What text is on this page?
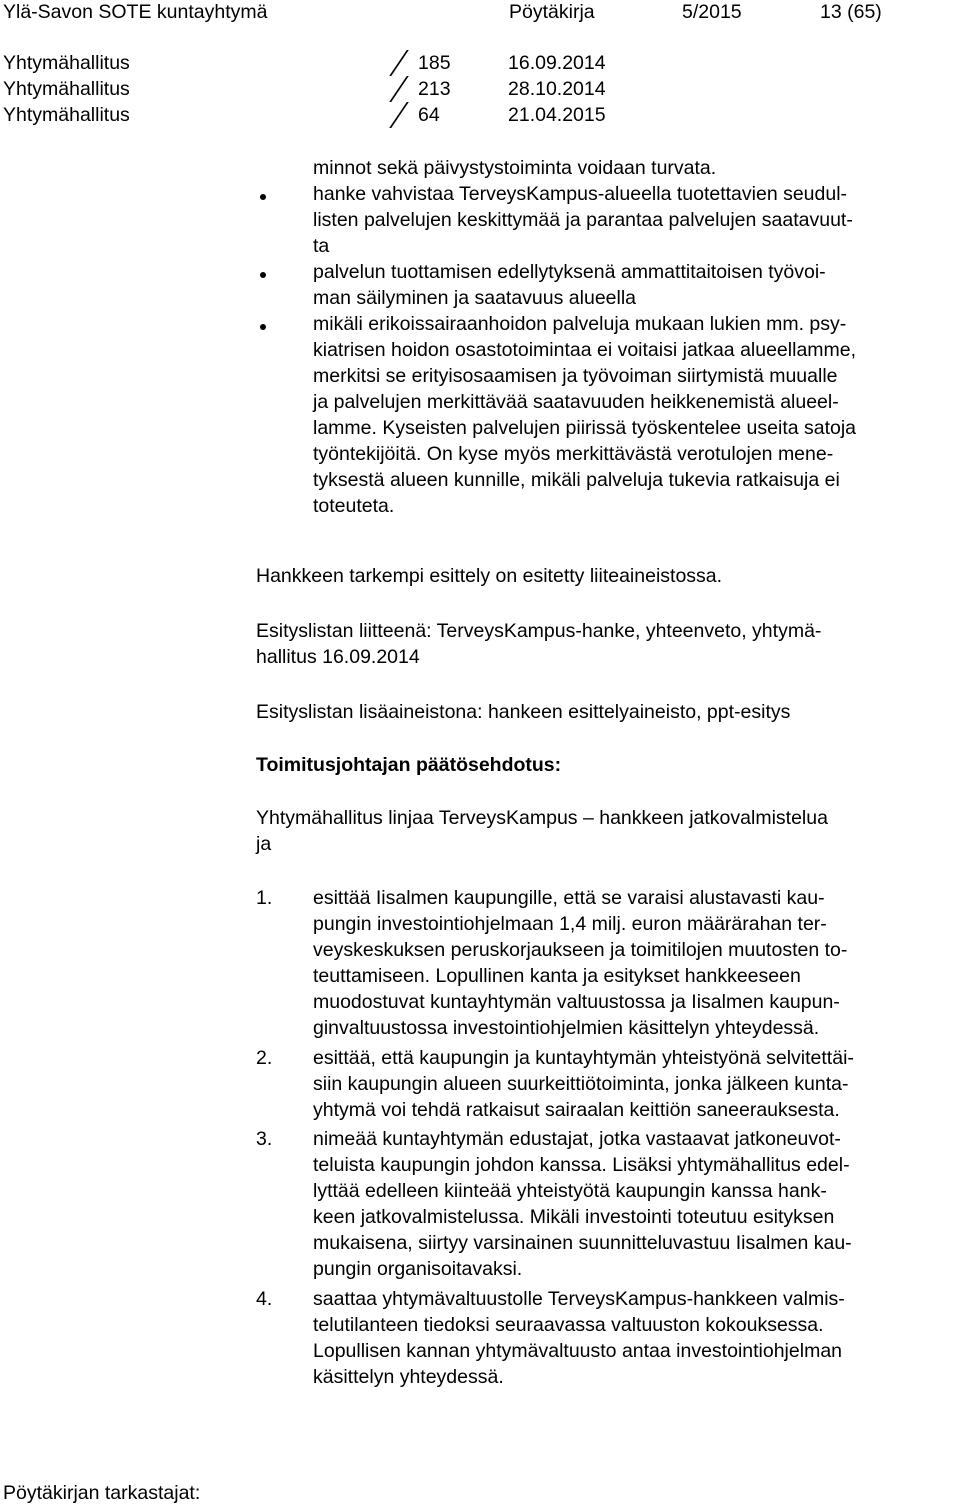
Ylä-Savon SOTE kuntayhtymä	Pöytäkirja	5/2015	13 (65)
Yhtymähallitus	185	16.09.2014
Yhtymähallitus	213	28.10.2014
Yhtymähallitus	64	21.04.2015
minnot sekä päivystystoiminta voidaan turvata.
hanke vahvistaa TerveysKampus-alueella tuotettavien seudul-
listen palvelujen keskittymää ja parantaa palvelujen saatavuut-
ta
palvelun tuottamisen edellytyksenä ammattitaitoisen työvoi-
man säilyminen ja saatavuus alueella
mikäli erikoissairaanhoidon palveluja mukaan lukien mm. psy-
kiatrisen hoidon osastotoimintaa ei voitaisi jatkaa alueellamme,
merkitsi se erityisosaamisen ja työvoiman siirtymistä muualle
ja palvelujen merkittävää saatavuuden heikkenemistä alueel-
lamme. Kyseisten palvelujen piirissä työskentelee useita satoja
työntekijöitä. On kyse myös merkittävästä verotulojen mene-
tyksestä alueen kunnille, mikäli palveluja tukevia ratkaisuja ei
toteuteta.
Hankkeen tarkempi esittely on esitetty liiteaineistossa.
Esityslistan liitteenä: TerveysKampus-hanke, yhteenveto, yhtymä-
hallitus 16.09.2014
Esityslistan lisäaineistona: hankeen esittelyaineisto, ppt-esitys
Toimitusjohtajan päätösehdotus:
Yhtymähallitus linjaa TerveysKampus – hankkeen jatkovalmistelua
ja
1. esittää Iisalmen kaupungille, että se varaisi alustavasti kau-
pungin investointiohjelmaan 1,4 milj. euron määrärahan ter-
veyskeskuksen peruskorjaukseen ja toimitilojen muutosten to-
teuttamiseen. Lopullinen kanta ja esitykset hankkeeseen
muodostuvat kuntayhtymän valtuustossa ja Iisalmen kaupun-
ginvaltuustossa investointiohjelmien käsittelyn yhteydessä.
2. esittää, että kaupungin ja kuntayhtymän yhteistyönä selvitettäi-
siin kaupungin alueen suurkeittiötoiminta, jonka jälkeen kunta-
yhtymä voi tehdä ratkaisut sairaalan keittiön saneerauksesta.
3. nimeää kuntayhtymän edustajat, jotka vastaavat jatkoneuvot-
teluista kaupungin johdon kanssa. Lisäksi yhtymähallitus edel-
lyttää edelleen kiinteää yhteistyötä kaupungin kanssa hank-
keen jatkovalmistelussa. Mikäli investointi toteutuu esityksen
mukaisena, siirtyy varsinainen suunnitteluvastuu Iisalmen kau-
pungin organisoitavaksi.
4. saattaa yhtymävaltuustolle TerveysKampus-hankkeen valmis-
telutilanteen tiedoksi seuraavassa valtuuston kokouksessa.
Lopullisen kannan yhtymävaltuusto antaa investointiohjelman
käsittelyn yhteydessä.
Pöytäkirjan tarkastajat:
